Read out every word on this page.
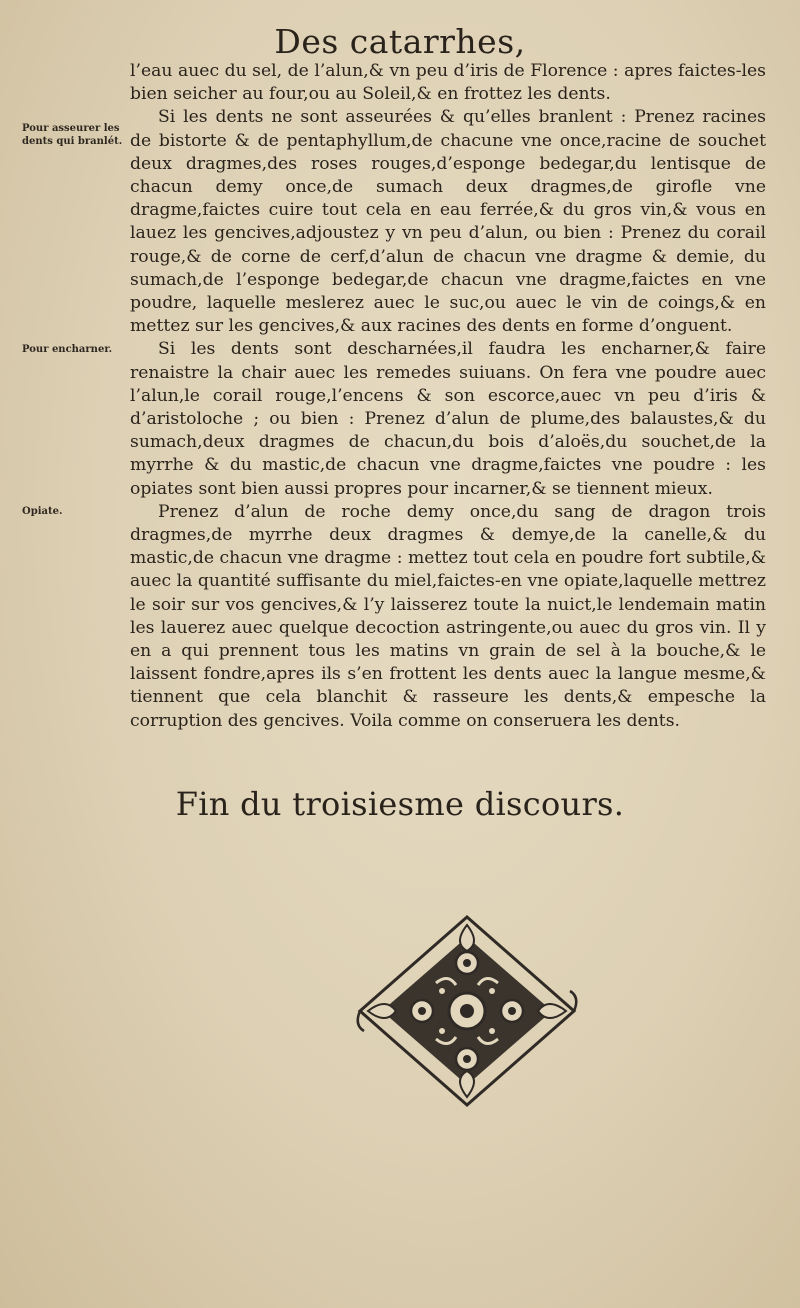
Des catarrhes,
Pour asseurer les dents qui branlét.
Pour encharner.
Opiate.

l’eau auec du sel, de l’alun,& vn peu d’iris de Florence : apres faictes-les bien seicher au four,ou au Soleil,& en frottez les dents.

Si les dents ne sont asseurées & qu’elles branlent : Prenez racines de bistorte & de pentaphyllum,de chacune vne once,racine de souchet deux dragmes,des roses rouges,d’esponge bedegar,du lentisque de chacun demy once,de sumach deux dragmes,de girofle vne dragme,faictes cuire tout cela en eau ferrée,& du gros vin,& vous en lauez les gencives,adjoustez y vn peu d’alun, ou bien : Prenez du corail rouge,& de corne de cerf,d’alun de chacun vne dragme & demie, du sumach,de l’esponge bedegar,de chacun vne dragme,faictes en vne poudre, laquelle meslerez auec le suc,ou auec le vin de coings,& en mettez sur les gencives,& aux racines des dents en forme d’onguent.

Si les dents sont descharnées,il faudra les encharner,& faire renaistre la chair auec les remedes suiuans. On fera vne poudre auec l’alun,le corail rouge,l’encens & son escorce,auec vn peu d’iris & d’aristoloche ; ou bien : Prenez d’alun de plume,des balaustes,& du sumach,deux dragmes de chacun,du bois d’aloës,du souchet,de la myrrhe & du mastic,de chacun vne dragme,faictes vne poudre : les opiates sont bien aussi propres pour incarner,& se tiennent mieux.

Prenez d’alun de roche demy once,du sang de dragon trois dragmes,de myrrhe deux dragmes & demye,de la canelle,& du mastic,de chacun vne dragme : mettez tout cela en poudre fort subtile,& auec la quantité suffisante du miel,faictes-en vne opiate,laquelle mettrez le soir sur vos gencives,& l’y laisserez toute la nuict,le lendemain matin les lauerez auec quelque decoction astringente,ou auec du gros vin. Il y en a qui prennent tous les matins vn grain de sel à la bouche,& le laissent fondre,apres ils s’en frottent les dents auec la langue mesme,& tiennent que cela blanchit & rasseure les dents,& empesche la corruption des gencives. Voila comme on conseruera les dents.

Fin du troisiesme discours.
